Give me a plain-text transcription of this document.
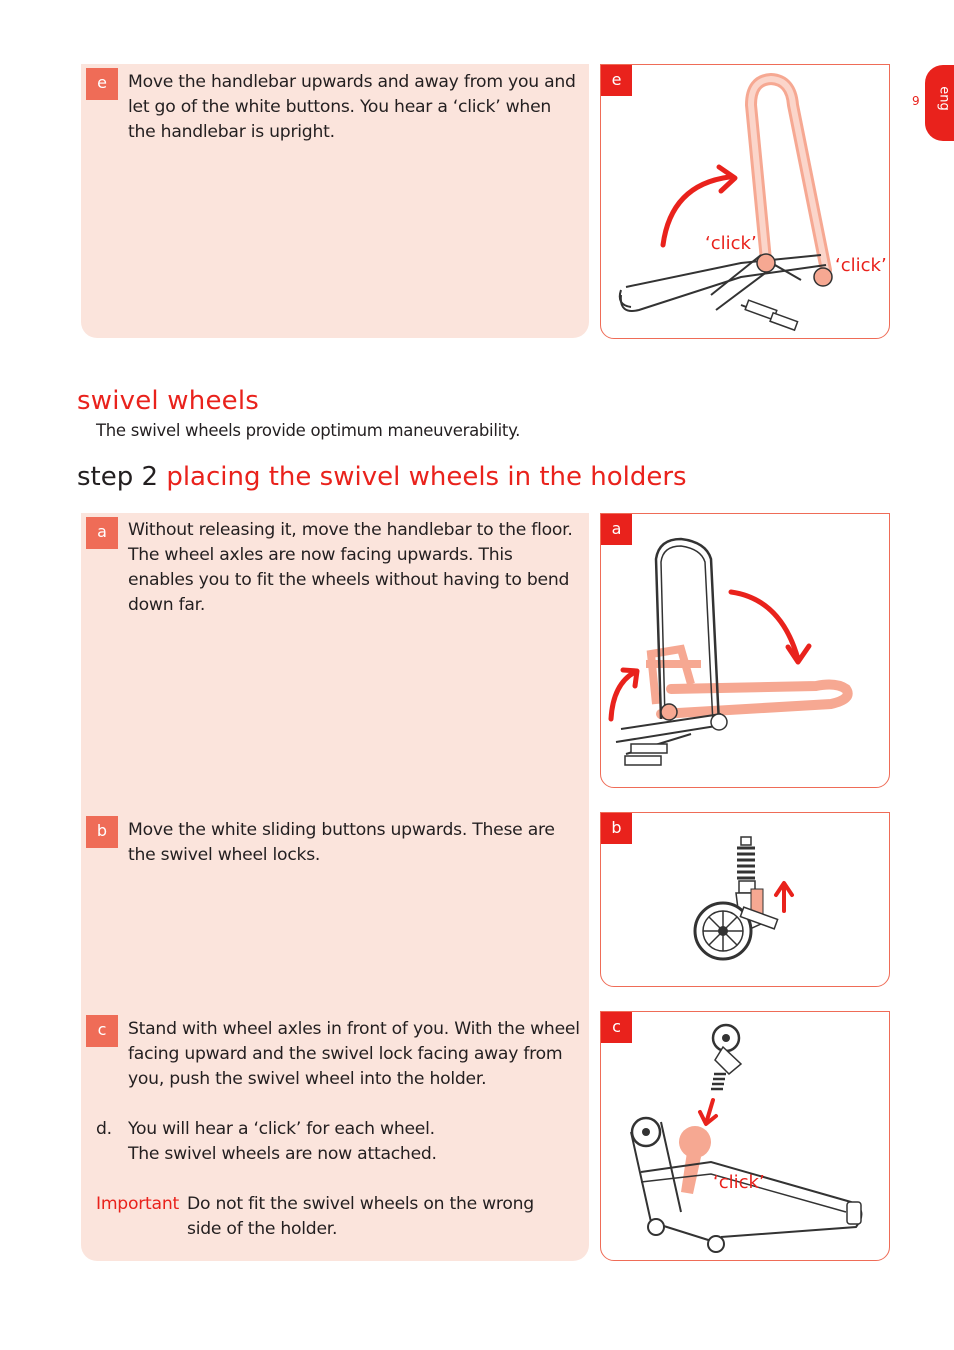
eng
9
e	Move the handlebar upwards and away from you and let go of the white buttons. You hear a ‘click’ when the handlebar is upright.
e
‘click’
‘click’
swivel wheels
The swivel wheels provide optimum maneuverability.
step 2 placing the swivel wheels in the holders
a	Without releasing it, move the handlebar to the floor. The wheel axles are now facing upwards. This enables you to fit the wheels without having to bend down far.
a
b	Move the white sliding buttons upwards. These are the swivel wheel locks.
b
c	Stand with wheel axles in front of you. With the wheel facing upward and the swivel lock facing away from you, push the swivel wheel into the holder.
d. You will hear a ‘click’ for each wheel.
The swivel wheels are now attached.
Important Do not fit the swivel wheels on the wrong side of the holder.
c
‘click’
